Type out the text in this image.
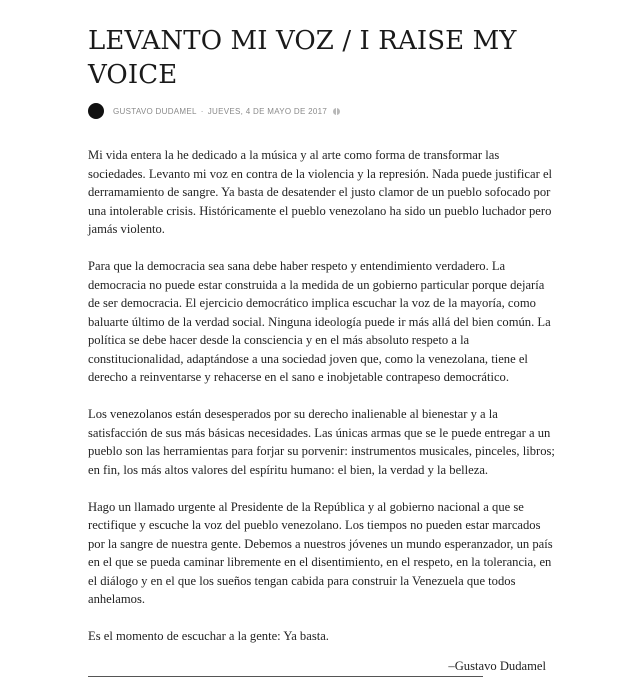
LEVANTO MI VOZ / I RAISE MY VOICE
GUSTAVO DUDAMEL · JUEVES, 4 DE MAYO DE 2017

Mi vida entera la he dedicado a la música y al arte como forma de transformar las sociedades. Levanto mi voz en contra de la violencia y la represión. Nada puede justificar el derramamiento de sangre. Ya basta de desatender el justo clamor de un pueblo sofocado por una intolerable crisis. Históricamente el pueblo venezolano ha sido un pueblo luchador pero jamás violento.

Para que la democracia sea sana debe haber respeto y entendimiento verdadero. La democracia no puede estar construida a la medida de un gobierno particular porque dejaría de ser democracia. El ejercicio democrático implica escuchar la voz de la mayoría, como baluarte último de la verdad social. Ninguna ideología puede ir más allá del bien común. La política se debe hacer desde la consciencia y en el más absoluto respeto a la constitucionalidad, adaptándose a una sociedad joven que, como la venezolana, tiene el derecho a reinventarse y rehacerse en el sano e inobjetable contrapeso democrático.

Los venezolanos están desesperados por su derecho inalienable al bienestar y a la satisfacción de sus más básicas necesidades. Las únicas armas que se le puede entregar a un pueblo son las herramientas para forjar su porvenir: instrumentos musicales, pinceles, libros; en fin, los más altos valores del espíritu humano: el bien, la verdad y la belleza.

Hago un llamado urgente al Presidente de la República y al gobierno nacional a que se rectifique y escuche la voz del pueblo venezolano. Los tiempos no pueden estar marcados por la sangre de nuestra gente. Debemos a nuestros jóvenes un mundo esperanzador, un país en el que se pueda caminar libremente en el disentimiento, en el respeto, en la tolerancia, en el diálogo y en el que los sueños tengan cabida para construir la Venezuela que todos anhelamos.

Es el momento de escuchar a la gente: Ya basta.

–Gustavo Dudamel
